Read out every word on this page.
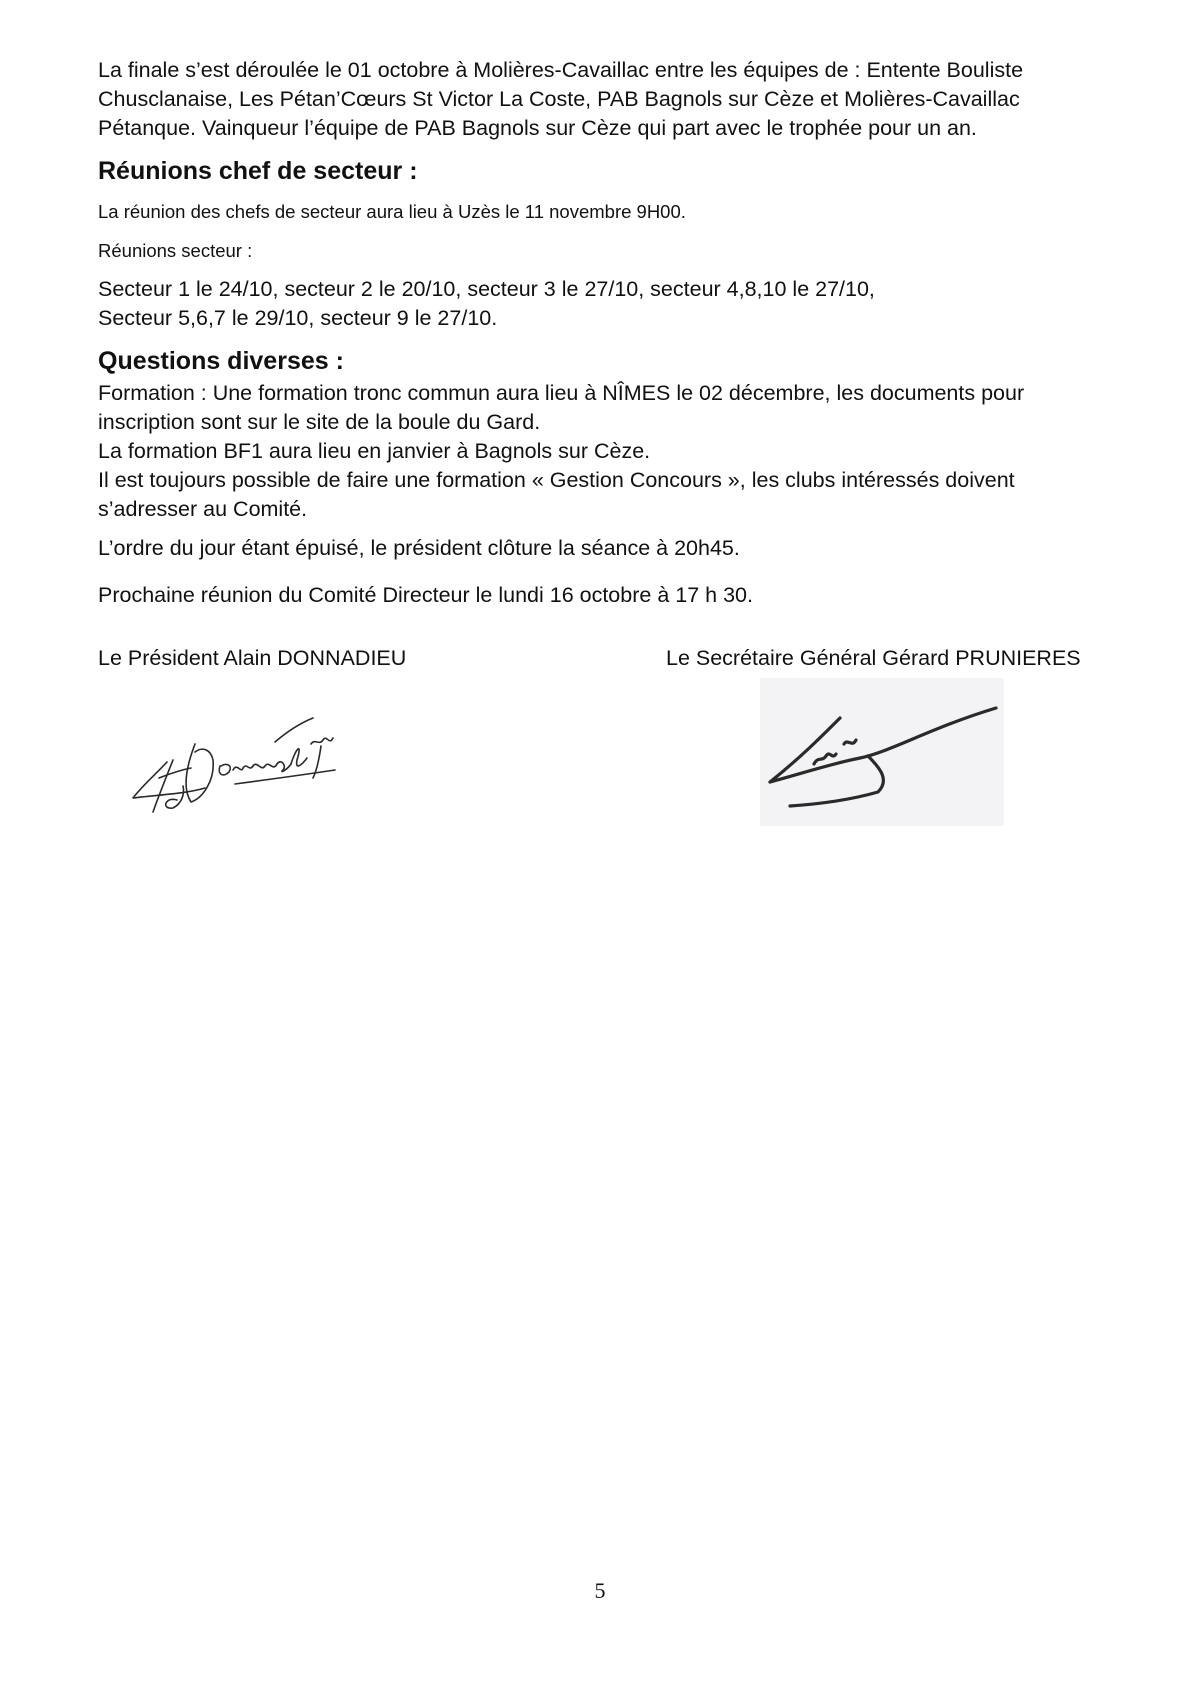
La finale s’est déroulée le 01 octobre à Molières-Cavaillac entre les équipes de : Entente Bouliste

Chusclanaise, Les Pétan’Cœurs St Victor La Coste, PAB Bagnols sur Cèze et Molières-Cavaillac

Pétanque. Vainqueur l’équipe de PAB Bagnols sur Cèze qui part avec le trophée pour un an.

Réunions chef de secteur :

La réunion des chefs de secteur aura lieu à Uzès le 11 novembre 9H00.

Réunions secteur :

Secteur 1 le 24/10, secteur 2 le 20/10, secteur 3 le 27/10, secteur 4,8,10 le 27/10,

Secteur 5,6,7 le 29/10, secteur 9 le 27/10.

Questions diverses :

Formation : Une formation tronc commun aura lieu à NÎMES le 02 décembre, les documents pour

inscription sont sur le site de la boule du Gard.

La formation BF1 aura lieu en janvier à Bagnols sur Cèze.

Il est toujours possible de faire une formation « Gestion Concours », les clubs intéressés doivent

s’adresser au Comité.

L’ordre du jour étant épuisé, le président clôture la séance à 20h45.

Prochaine réunion du Comité Directeur le lundi 16 octobre à 17 h 30.

Le Président Alain DONNADIEU	Le Secrétaire Général Gérard PRUNIERES
5
